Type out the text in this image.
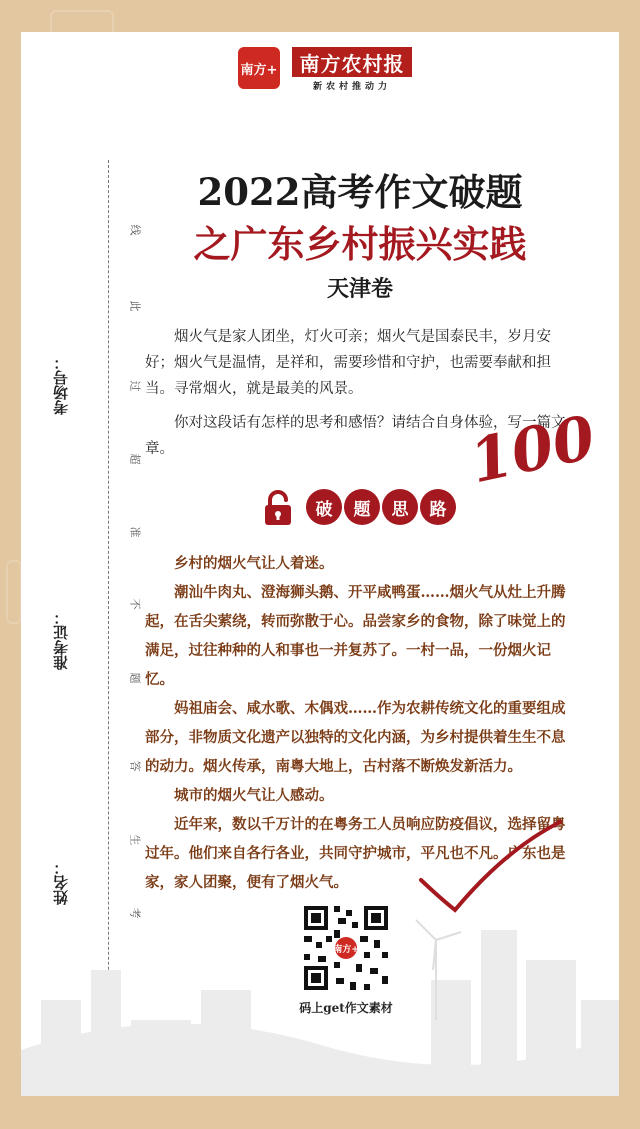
南方+	南方农村报
新农村推动力
考场号：
准考证：
姓名：
线
此
过
超
准
不
题
答
生
考
2022高考作文破题
之广东乡村振兴实践
天津卷

烟火气是家人团坐，灯火可亲；烟火气是国泰民丰，岁月安好；烟火气是温情，是祥和，需要珍惜和守护，也需要奉献和担当。寻常烟火，就是最美的风景。

你对这段话有怎样的思考和感悟？请结合自身体验，写一篇文章。	100
破	题	思	路

乡村的烟火气让人着迷。

潮汕牛肉丸、澄海狮头鹅、开平咸鸭蛋……烟火气从灶上升腾起，在舌尖萦绕，转而弥散于心。品尝家乡的食物，除了味觉上的满足，过往种种的人和事也一并复苏了。一村一品，一份烟火记忆。

妈祖庙会、咸水歌、木偶戏……作为农耕传统文化的重要组成部分，非物质文化遗产以独特的文化内涵，为乡村提供着生生不息的动力。烟火传承，南粤大地上，古村落不断焕发新活力。

城市的烟火气让人感动。

近年来，数以千万计的在粤务工人员响应防疫倡议，选择留粤过年。他们来自各行各业，共同守护城市，平凡也不凡。广东也是家，家人团聚，便有了烟火气。

南方+
码上get作文素材
